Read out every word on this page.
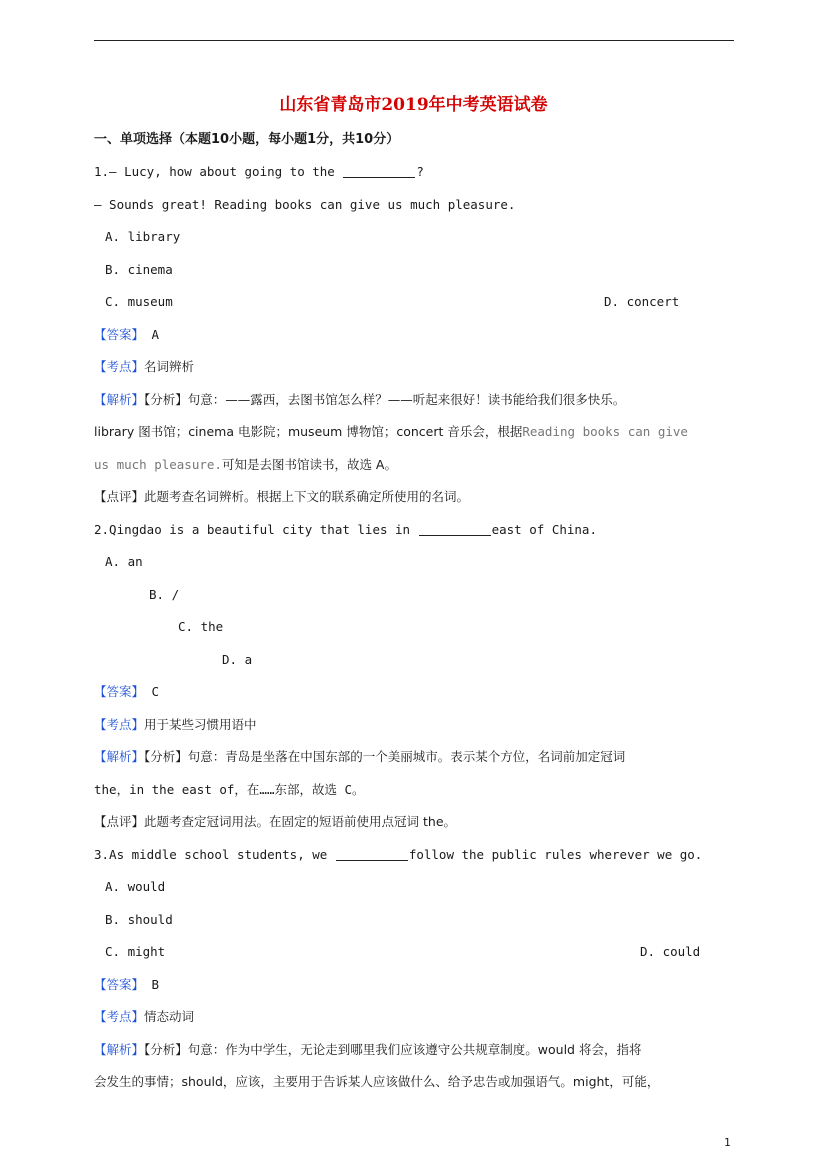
山东省青岛市2019年中考英语试卷
一、单项选择（本题10小题，每小题1分，共10分）
1.— Lucy, how about going to the	?
— Sounds great! Reading books can give us much pleasure.
A. library
B. cinema
C. museum	D. concert
【答案】 A
【考点】名词辨析
【解析】【分析】句意：——露西，去图书馆怎么样？——听起来很好！读书能给我们很多快乐。
library 图书馆；cinema 电影院；museum 博物馆；concert 音乐会，根据Reading books can give
us much pleasure.可知是去图书馆读书，故选 A。
【点评】此题考查名词辨析。根据上下文的联系确定所使用的名词。
2.Qingdao is a beautiful city that lies in	east of China.
A. an
B. /
C. the
D. a
【答案】 C
【考点】用于某些习惯用语中
【解析】【分析】句意：青岛是坐落在中国东部的一个美丽城市。表示某个方位，名词前加定冠词
the，in the east of，在……东部，故选 C。
【点评】此题考查定冠词用法。在固定的短语前使用点冠词 the。
3.As middle school students, we	follow the public rules wherever we go.
A. would
B. should
C. might	D. could
【答案】 B
【考点】情态动词
【解析】【分析】句意：作为中学生，无论走到哪里我们应该遵守公共规章制度。would 将会，指将
会发生的事情；should，应该，主要用于告诉某人应该做什么、给予忠告或加强语气。might，可能，
1
